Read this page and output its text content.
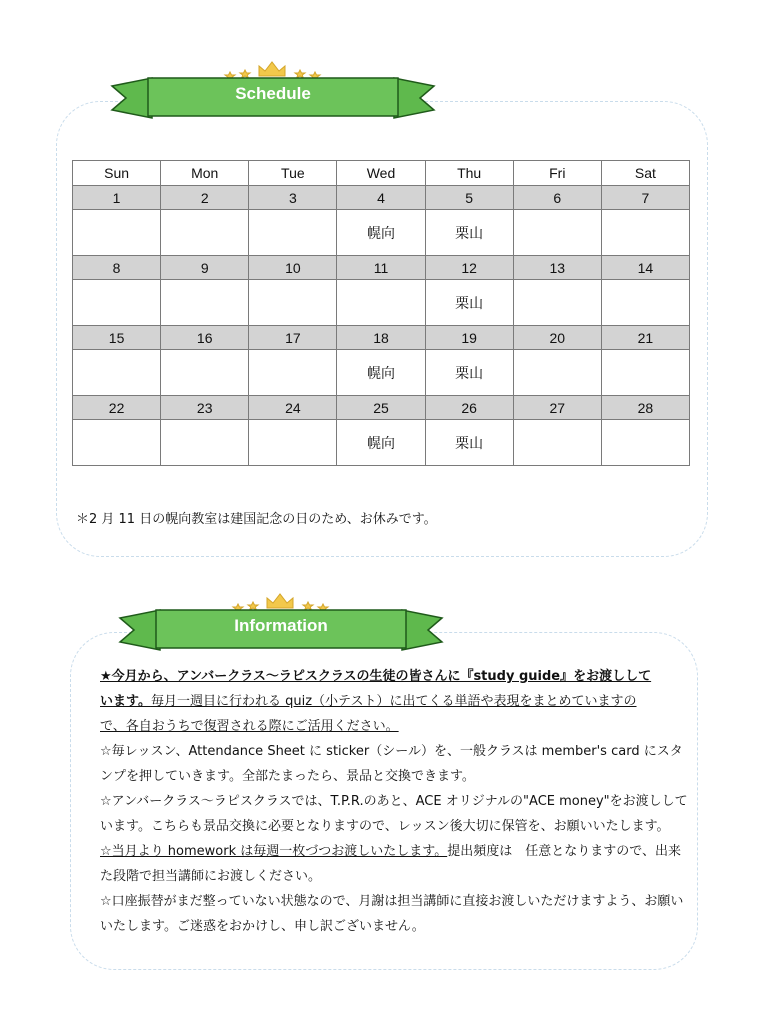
Schedule
Sun	Mon	Tue	Wed	Thu	Fri	Sat
1	2	3	4	5	6	7
			幌向	栗山		
8	9	10	11	12	13	14
				栗山		
15	16	17	18	19	20	21
			幌向	栗山		
22	23	24	25	26	27	28
			幌向	栗山		
＊2 月 11 日の幌向教室は建国記念の日のため、お休みです。
Information

★今月から、アンバークラス～ラピスクラスの生徒の皆さんに『study guide』をお渡しして
います。毎月一週目に行われる quiz（小テスト）に出てくる単語や表現をまとめていますの
で、各自おうちで復習される際にご活用ください。

☆毎レッスン、Attendance Sheet に sticker（シール）を、一般クラスは member's card にスタンプを押していきます。全部たまったら、景品と交換できます。

☆アンバークラス～ラピスクラスでは、T.P.R.のあと、ACE オリジナルの"ACE money"をお渡ししています。こちらも景品交換に必要となりますので、レッスン後大切に保管を、お願いいたします。

☆当月より homework は毎週一枚づつお渡しいたします。提出頻度は　任意となりますので、出来た段階で担当講師にお渡しください。

☆口座振替がまだ整っていない状態なので、月謝は担当講師に直接お渡しいただけますよう、お願いいたします。ご迷惑をおかけし、申し訳ございません。
